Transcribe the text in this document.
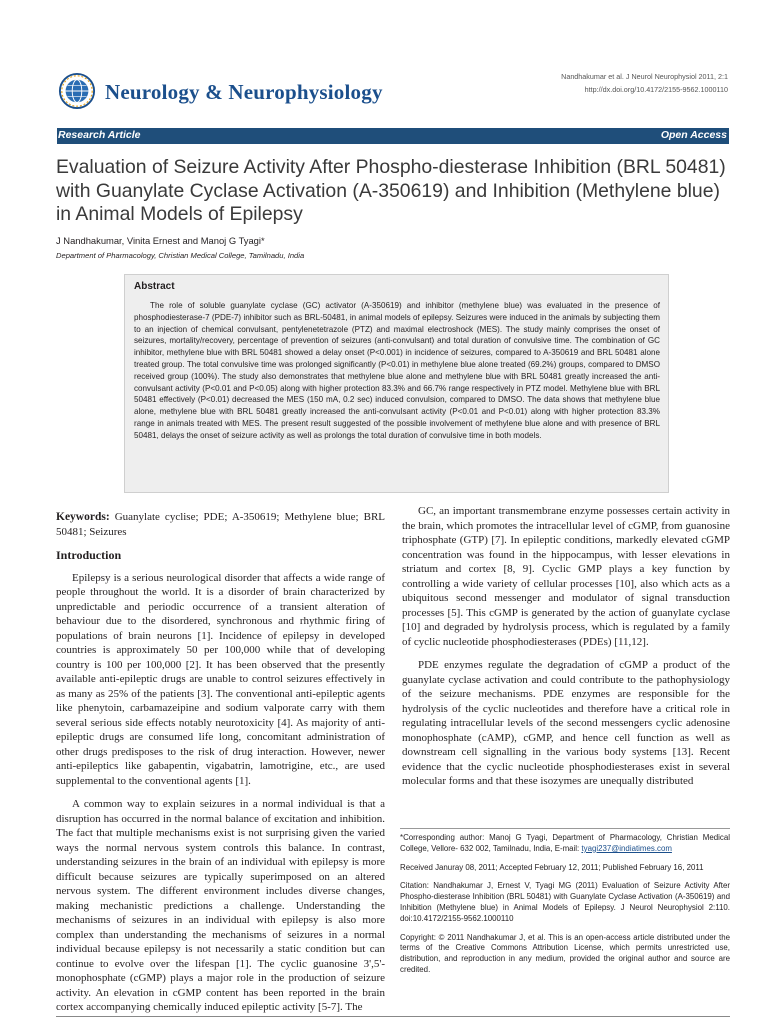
Neurology & Neurophysiology
Nandhakumar et al. J Neurol Neurophysiol 2011, 2:1
http://dx.doi.org/10.4172/2155-9562.1000110
Research Article	Open Access
Evaluation of Seizure Activity After Phospho-diesterase Inhibition (BRL 50481) with Guanylate Cyclase Activation (A-350619) and Inhibition (Methylene blue) in Animal Models of Epilepsy
J Nandhakumar, Vinita Ernest and Manoj G Tyagi*
Department of Pharmacology, Christian Medical College, Tamilnadu, India
Abstract
The role of soluble guanylate cyclase (GC) activator (A-350619) and inhibitor (methylene blue) was evaluated in the presence of phosphodiesterase-7 (PDE-7) inhibitor such as BRL-50481, in animal models of epilepsy. Seizures were induced in the animals by subjecting them to an injection of chemical convulsant, pentylenetetrazole (PTZ) and maximal electroshock (MES). The study mainly comprises the onset of seizures, mortality/recovery, percentage of prevention of seizures (anti-convulsant) and total duration of convulsive time. The combination of GC inhibitor, methylene blue with BRL 50481 showed a delay onset (P<0.001) in incidence of seizures, compared to A-350619 and BRL 50481 alone treated group. The total convulsive time was prolonged significantly (P<0.01) in methylene blue alone treated (69.2%) groups, compared to DMSO received group (100%). The study also demonstrates that methylene blue alone and methylene blue with BRL 50481 greatly increased the anti-convulsant activity (P<0.01 and P<0.05) along with higher protection 83.3% and 66.7% range respectively in PTZ model. Methylene blue with BRL 50481 effectively (P<0.01) decreased the MES (150 mA, 0.2 sec) induced convulsion, compared to DMSO. The data shows that methylene blue alone, methylene blue with BRL 50481 greatly increased the anti-convulsant activity (P<0.01 and P<0.01) along with higher protection 83.3% range in animals treated with MES. The present result suggested of the possible involvement of methylene blue alone and with presence of BRL 50481, delays the onset of seizure activity as well as prolongs the total duration of convulsive time in both models.

Keywords: Guanylate cyclise; PDE; A-350619; Methylene blue; BRL 50481; Seizures

Introduction

Epilepsy is a serious neurological disorder that affects a wide range of people throughout the world. It is a disorder of brain characterized by unpredictable and periodic occurrence of a transient alteration of behaviour due to the disordered, synchronous and rhythmic firing of populations of brain neurons [1]. Incidence of epilepsy in developed countries is approximately 50 per 100,000 while that of developing country is 100 per 100,000 [2]. It has been observed that the presently available anti-epileptic drugs are unable to control seizures effectively in as many as 25% of the patients [3]. The conventional anti-epileptic agents like phenytoin, carbamazeipine and sodium valporate carry with them several serious side effects notably neurotoxicity [4]. As majority of anti-epileptic drugs are consumed life long, concomitant administration of other drugs predisposes to the risk of drug interaction. However, newer anti-epileptics like gabapentin, vigabatrin, lamotrigine, etc., are used supplemental to the conventional agents [1].

A common way to explain seizures in a normal individual is that a disruption has occurred in the normal balance of excitation and inhibition. The fact that multiple mechanisms exist is not surprising given the varied ways the normal nervous system controls this balance. In contrast, understanding seizures in the brain of an individual with epilepsy is more difficult because seizures are typically superimposed on an altered nervous system. The different environment includes diverse changes, making mechanistic predictions a challenge. Understanding the mechanisms of seizures in an individual with epilepsy is also more complex than understanding the mechanisms of seizures in a normal individual because epilepsy is not necessarily a static condition but can continue to evolve over the lifespan [1]. The cyclic guanosine 3',5'-monophosphate (cGMP) plays a major role in the production of seizure activity. An elevation in cGMP content has been reported in the brain cortex accompanying chemically induced epileptic activity [5-7]. The

GC, an important transmembrane enzyme possesses certain activity in the brain, which promotes the intracellular level of cGMP, from guanosine triphosphate (GTP) [7]. In epileptic conditions, markedly elevated cGMP concentration was found in the hippocampus, with lesser elevations in striatum and cortex [8, 9]. Cyclic GMP plays a key function by controlling a wide variety of cellular processes [10], also which acts as a ubiquitous second messenger and modulator of signal transduction processes [5]. This cGMP is generated by the action of guanylate cyclase [10] and degraded by hydrolysis process, which is regulated by a family of cyclic nucleotide phosphodiesterases (PDEs) [11,12].

PDE enzymes regulate the degradation of cGMP a product of the guanylate cyclase activation and could contribute to the pathophysiology of the seizure mechanisms. PDE enzymes are responsible for the hydrolysis of the cyclic nucleotides and therefore have a critical role in regulating intracellular levels of the second messengers cyclic adenosine monophosphate (cAMP), cGMP, and hence cell function as well as downstream cell signalling in the various body systems [13]. Recent evidence that the cyclic nucleotide phosphodiesterases exist in several molecular forms and that these isozymes are unequally distributed

*Corresponding author: Manoj G Tyagi, Department of Pharmacology, Christian Medical College, Vellore- 632 002, Tamilnadu, India, E-mail: tyagi237@indiatimes.com

Received Januray 08, 2011; Accepted February 12, 2011; Published February 16, 2011

Citation: Nandhakumar J, Ernest V, Tyagi MG (2011) Evaluation of Seizure Activity After Phospho-diesterase Inhibition (BRL 50481) with Guanylate Cyclase Activation (A-350619) and Inhibition (Methylene blue) in Animal Models of Epilepsy. J Neurol Neurophysiol 2:110. doi:10.4172/2155-9562.1000110

Copyright: © 2011 Nandhakumar J, et al. This is an open-access article distributed under the terms of the Creative Commons Attribution License, which permits unrestricted use, distribution, and reproduction in any medium, provided the original author and source are credited.
